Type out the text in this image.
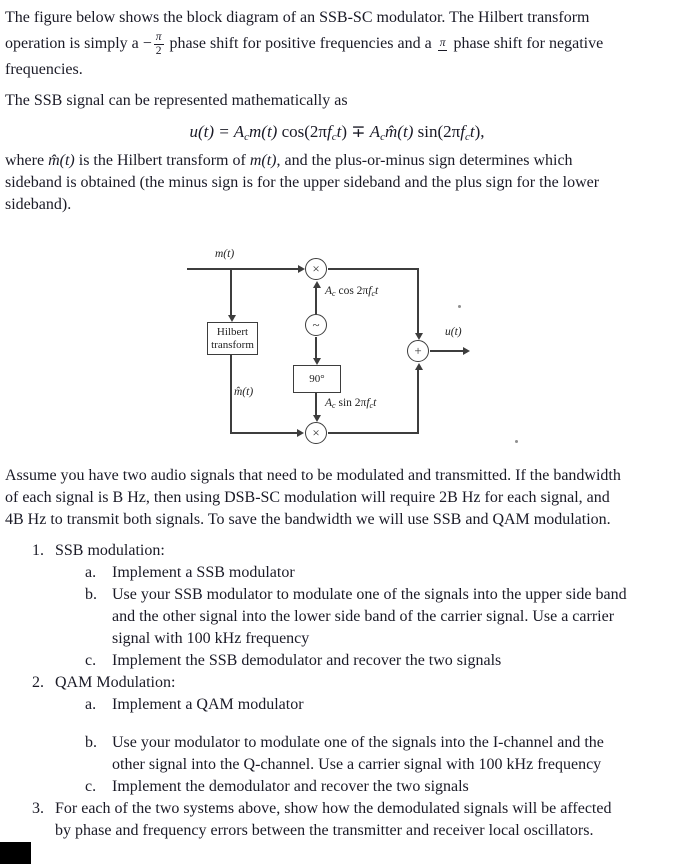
The figure below shows the block diagram of an SSB-SC modulator. The Hilbert transform
operation is simply $a - \frac{\pi}{2}$ phase shift for positive frequencies and a π phase shift for negative
frequencies.
The SSB signal can be represented mathematically as
$u(t) = A_cm(t) \cos(2\pi f_ct)$ ∓ $A_cm̂(t)$ $\sin(2\pi f_ct)$,
where m̂(t) is the Hilbert transform of m(t), and the plus-or-minus sign determines which
sideband is obtained (the minus sign is for the upper sideband and the plus sign for the lower
sideband).
m(t)
×
$A_c$ $\cos 2\pi f_ct$
~
Hilbert
transform
90°
$A_c$ $\sin 2\pi f_ct$
m̂(t)
×
+
u(t)
Assume you have two audio signals that need to be modulated and transmitted. If the bandwidth
of each signal is B Hz, then using DSB-SC modulation will require 2B Hz for each signal, and
4B Hz to transmit both signals. To save the bandwidth we will use SSB and QAM modulation.
1. SSB modulation:
a. Implement a SSB modulator
b. Use your SSB modulator to modulate one of the signals into the upper side band
and the other signal into the lower side band of the carrier signal. Use a carrier
signal with 100 kHz frequency
c. Implement the SSB demodulator and recover the two signals
2. QAM Modulation:
a. Implement a QAM modulator
b. Use your modulator to modulate one of the signals into the I-channel and the
other signal into the Q-channel. Use a carrier signal with 100 kHz frequency
c. Implement the demodulator and recover the two signals
3. For each of the two systems above, show how the demodulated signals will be affected
by phase and frequency errors between the transmitter and receiver local oscillators.
